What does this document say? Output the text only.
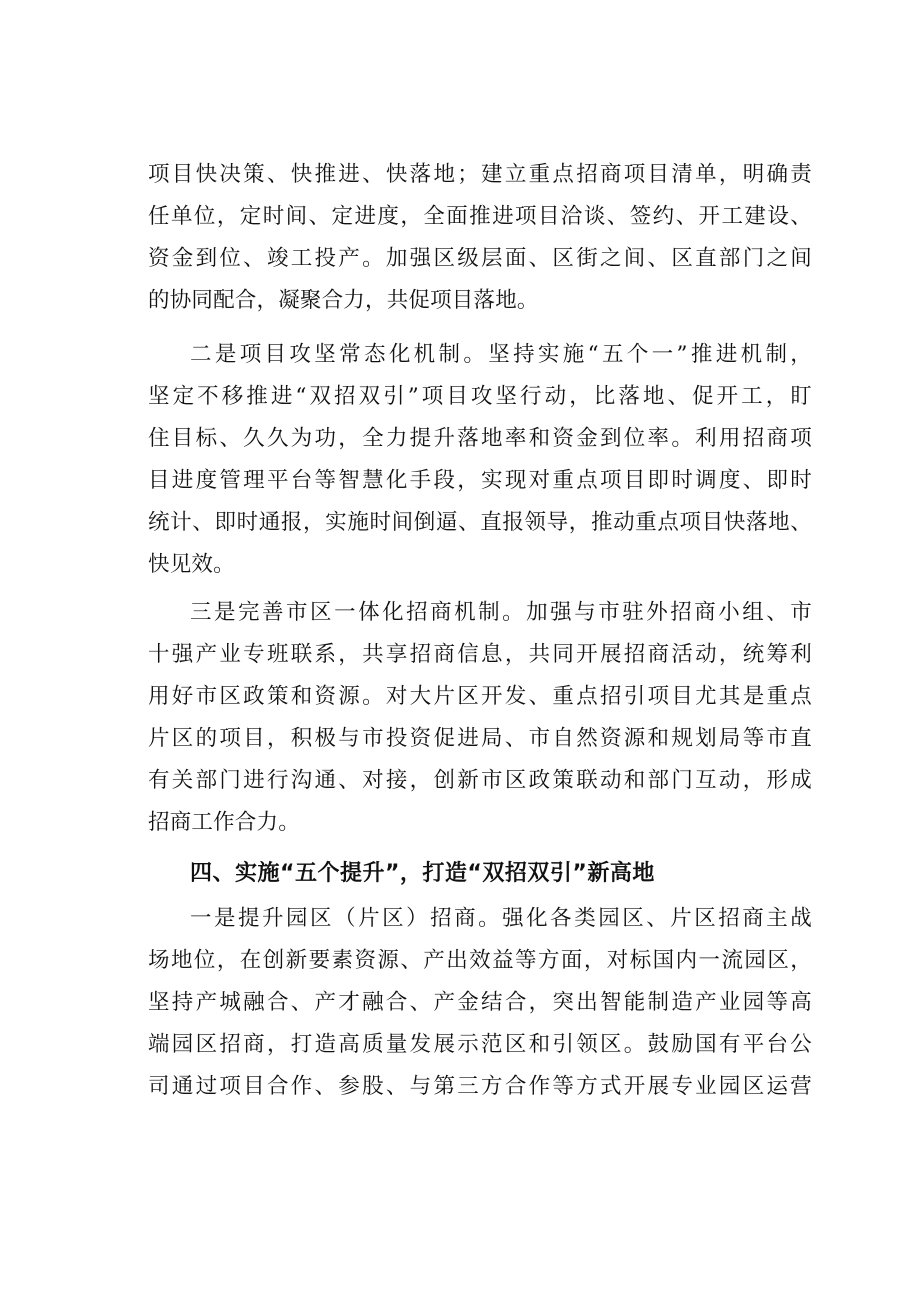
项目快决策、快推进、快落地；建立重点招商项目清单，明确责
任单位，定时间、定进度，全面推进项目洽谈、签约、开工建设、
资金到位、竣工投产。加强区级层面、区街之间、区直部门之间
的协同配合，凝聚合力，共促项目落地。
二是项目攻坚常态化机制。坚持实施“五个一”推进机制，
坚定不移推进“双招双引”项目攻坚行动，比落地、促开工，盯
住目标、久久为功，全力提升落地率和资金到位率。利用招商项
目进度管理平台等智慧化手段，实现对重点项目即时调度、即时
统计、即时通报，实施时间倒逼、直报领导，推动重点项目快落地、
快见效。
三是完善市区一体化招商机制。加强与市驻外招商小组、市
十强产业专班联系，共享招商信息，共同开展招商活动，统筹利
用好市区政策和资源。对大片区开发、重点招引项目尤其是重点
片区的项目，积极与市投资促进局、市自然资源和规划局等市直
有关部门进行沟通、对接，创新市区政策联动和部门互动，形成
招商工作合力。
四、实施“五个提升”，打造“双招双引”新高地
一是提升园区（片区）招商。强化各类园区、片区招商主战
场地位，在创新要素资源、产出效益等方面，对标国内一流园区，
坚持产城融合、产才融合、产金结合，突出智能制造产业园等高
端园区招商，打造高质量发展示范区和引领区。鼓励国有平台公
司通过项目合作、参股、与第三方合作等方式开展专业园区运营
